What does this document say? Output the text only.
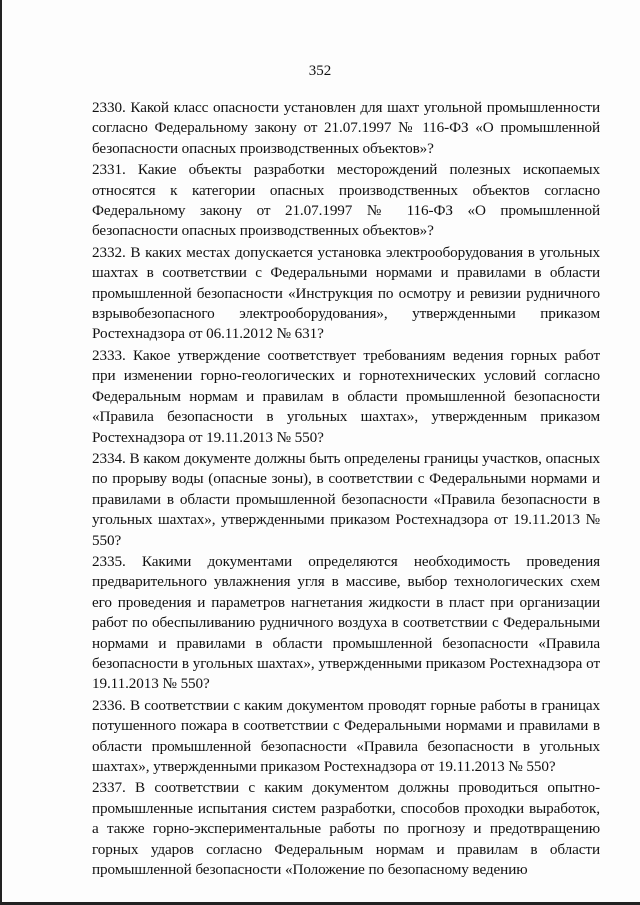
352

2330. Какой класс опасности установлен для шахт угольной промышленности согласно Федеральному закону от 21.07.1997 № 116-ФЗ «О промышленной безопасности опасных производственных объектов»?

2331. Какие объекты разработки месторождений полезных ископаемых относятся к категории опасных производственных объектов согласно Федеральному закону от 21.07.1997 № 116-ФЗ «О промышленной безопасности опасных производственных объектов»?

2332. В каких местах допускается установка электрооборудования в угольных шахтах в соответствии с Федеральными нормами и правилами в области промышленной безопасности «Инструкция по осмотру и ревизии рудничного взрывобезопасного электрооборудования», утвержденными приказом Ростехнадзора от 06.11.2012 № 631?

2333. Какое утверждение соответствует требованиям ведения горных работ при изменении горно-геологических и горнотехнических условий согласно Федеральным нормам и правилам в области промышленной безопасности «Правила безопасности в угольных шахтах», утвержденным приказом Ростехнадзора от 19.11.2013 № 550?

2334. В каком документе должны быть определены границы участков, опасных по прорыву воды (опасные зоны), в соответствии с Федеральными нормами и правилами в области промышленной безопасности «Правила безопасности в угольных шахтах», утвержденными приказом Ростехнадзора от 19.11.2013 № 550?

2335. Какими документами определяются необходимость проведения предварительного увлажнения угля в массиве, выбор технологических схем его проведения и параметров нагнетания жидкости в пласт при организации работ по обеспыливанию рудничного воздуха в соответствии с Федеральными нормами и правилами в области промышленной безопасности «Правила безопасности в угольных шахтах», утвержденными приказом Ростехнадзора от 19.11.2013 № 550?

2336. В соответствии с каким документом проводят горные работы в границах потушенного пожара в соответствии с Федеральными нормами и правилами в области промышленной безопасности «Правила безопасности в угольных шахтах», утвержденными приказом Ростехнадзора от 19.11.2013 № 550?

2337. В соответствии с каким документом должны проводиться опытно-промышленные испытания систем разработки, способов проходки выработок, а также горно-экспериментальные работы по прогнозу и предотвращению горных ударов согласно Федеральным нормам и правилам в области промышленной безопасности «Положение по безопасному ведению
